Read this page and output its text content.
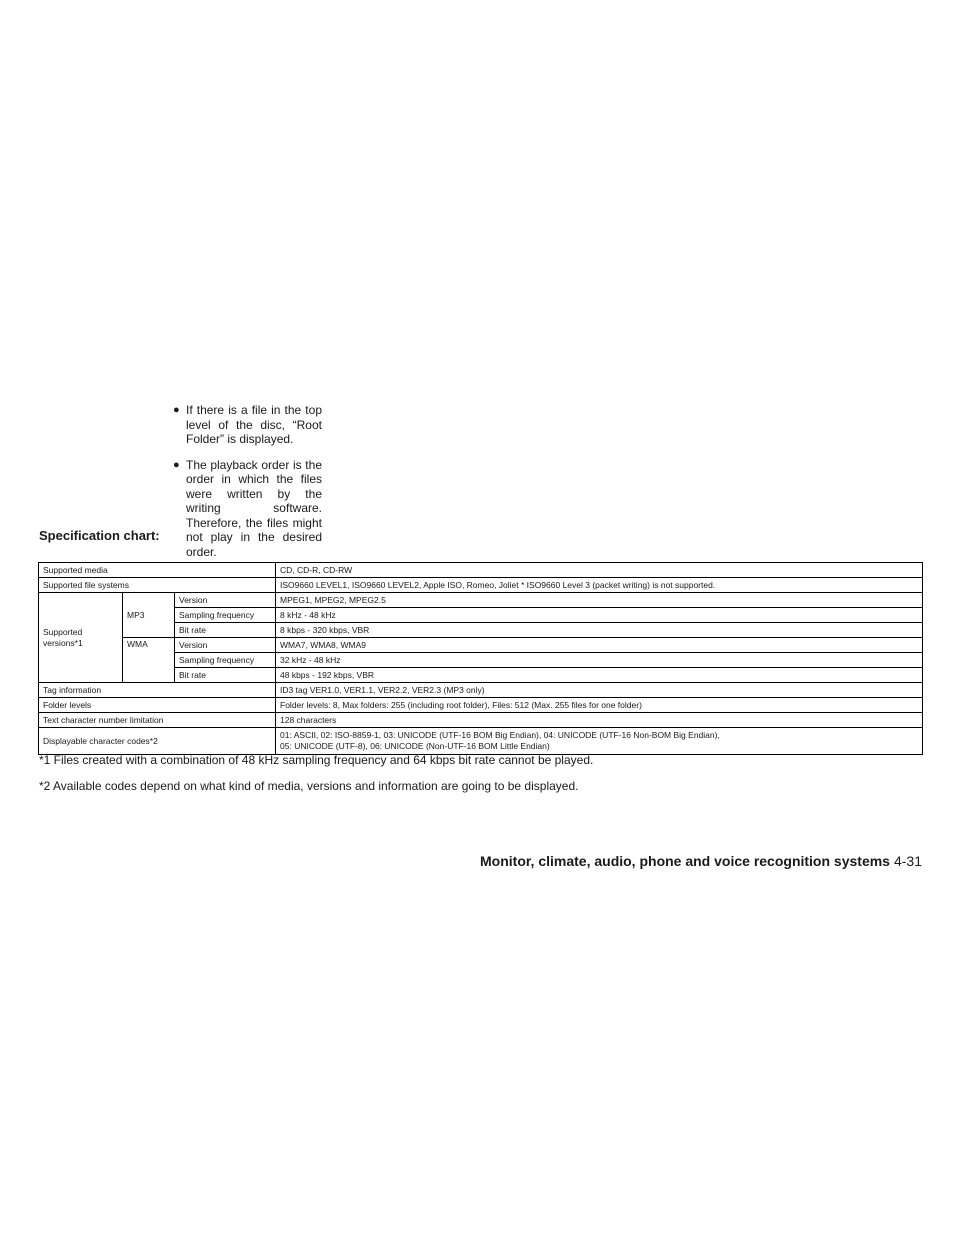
● If there is a file in the top level of the disc, “Root Folder” is displayed.
● The playback order is the order in which the files were written by the writing software. Therefore, the files might not play in the desired order.
Specification chart:
Supported media			CD, CD-R, CD-RW
Supported file systems			ISO9660 LEVEL1, ISO9660 LEVEL2, Apple ISO, Romeo, Joliet * ISO9660 Level 3 (packet writing) is not supported.
Supported versions*1	MP3	Version	MPEG1, MPEG2, MPEG2.5
		Sampling frequency	8 kHz - 48 kHz
		Bit rate	8 kbps - 320 kbps, VBR
	WMA	Version	WMA7, WMA8, WMA9
		Sampling frequency	32 kHz - 48 kHz
		Bit rate	48 kbps - 192 kbps, VBR
Tag information			ID3 tag VER1.0, VER1.1, VER2.2, VER2.3 (MP3 only)
Folder levels			Folder levels: 8, Max folders: 255 (including root folder), Files: 512 (Max. 255 files for one folder)
Text character number limitation			128 characters
Displayable character codes*2			01: ASCII, 02: ISO-8859-1, 03: UNICODE (UTF-16 BOM Big Endian), 04: UNICODE (UTF-16 Non-BOM Big Endian),
05: UNICODE (UTF-8), 06: UNICODE (Non-UTF-16 BOM Little Endian)

*1 Files created with a combination of 48 kHz sampling frequency and 64 kbps bit rate cannot be played.

*2 Available codes depend on what kind of media, versions and information are going to be displayed.

Monitor, climate, audio, phone and voice recognition systems 4-31
